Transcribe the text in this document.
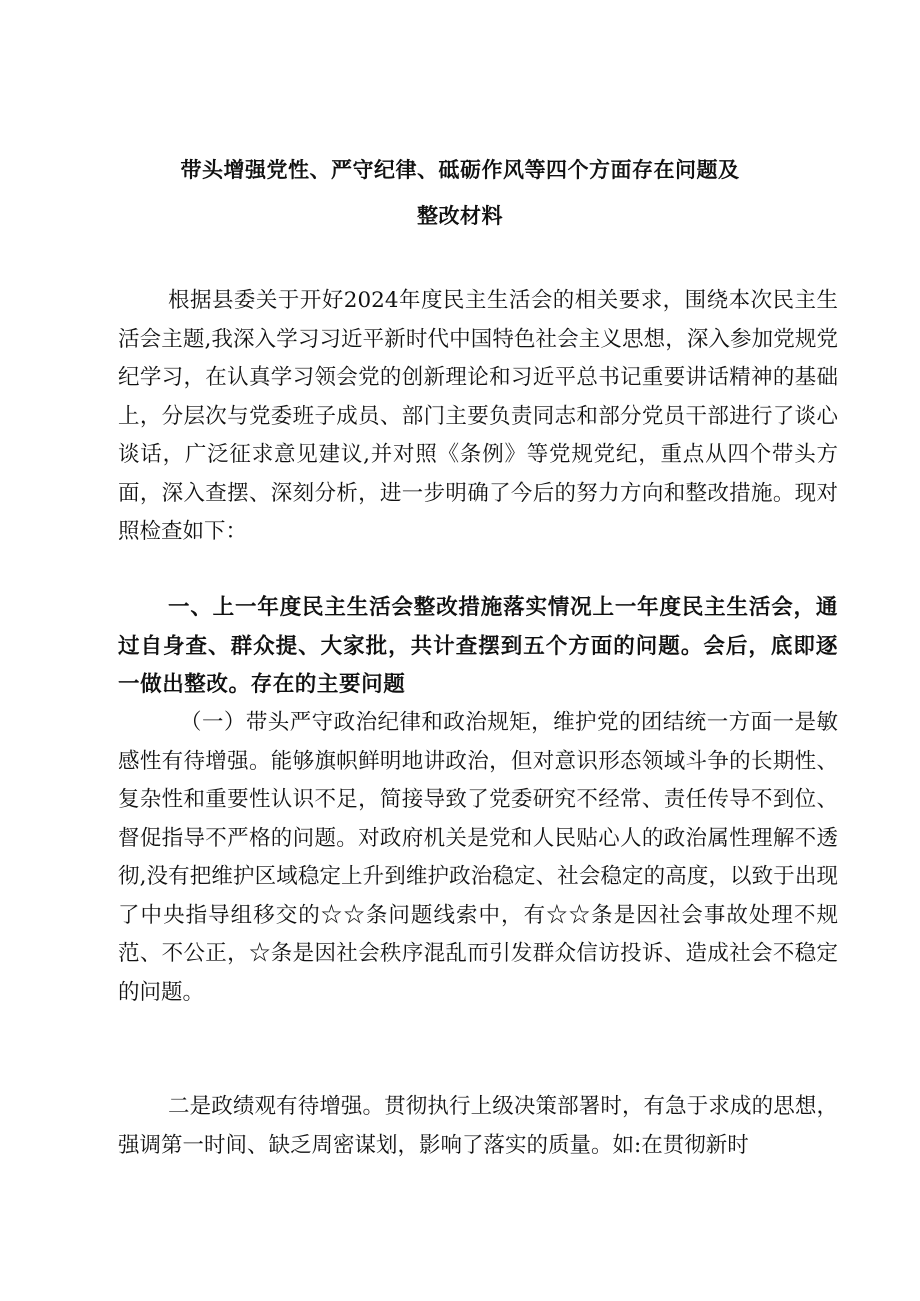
带头增强党性、严守纪律、砥砺作风等四个方面存在问题及
整改材料

根据县委关于开好2024年度民主生活会的相关要求，围绕本次民主生活会主题,我深入学习习近平新时代中国特色社会主义思想，深入参加党规党纪学习，在认真学习领会党的创新理论和习近平总书记重要讲话精神的基础上，分层次与党委班子成员、部门主要负责同志和部分党员干部进行了谈心谈话，广泛征求意见建议,并对照《条例》等党规党纪，重点从四个带头方面，深入查摆、深刻分析，进一步明确了今后的努力方向和整改措施。现对照检查如下：

一、上一年度民主生活会整改措施落实情况上一年度民主生活会，通过自身查、群众提、大家批，共计查摆到五个方面的问题。会后，底即逐一做出整改。存在的主要问题

（一）带头严守政治纪律和政治规矩，维护党的团结统一方面一是敏感性有待增强。能够旗帜鲜明地讲政治，但对意识形态领域斗争的长期性、复杂性和重要性认识不足，简接导致了党委研究不经常、责任传导不到位、督促指导不严格的问题。对政府机关是党和人民贴心人的政治属性理解不透彻,没有把维护区域稳定上升到维护政治稳定、社会稳定的高度，以致于出现了中央指导组移交的☆☆条问题线索中，有☆☆条是因社会事故处理不规范、不公正，☆条是因社会秩序混乱而引发群众信访投诉、造成社会不稳定的问题。

二是政绩观有待增强。贯彻执行上级决策部署时，有急于求成的思想，强调第一时间、缺乏周密谋划，影响了落实的质量。如:在贯彻新时
